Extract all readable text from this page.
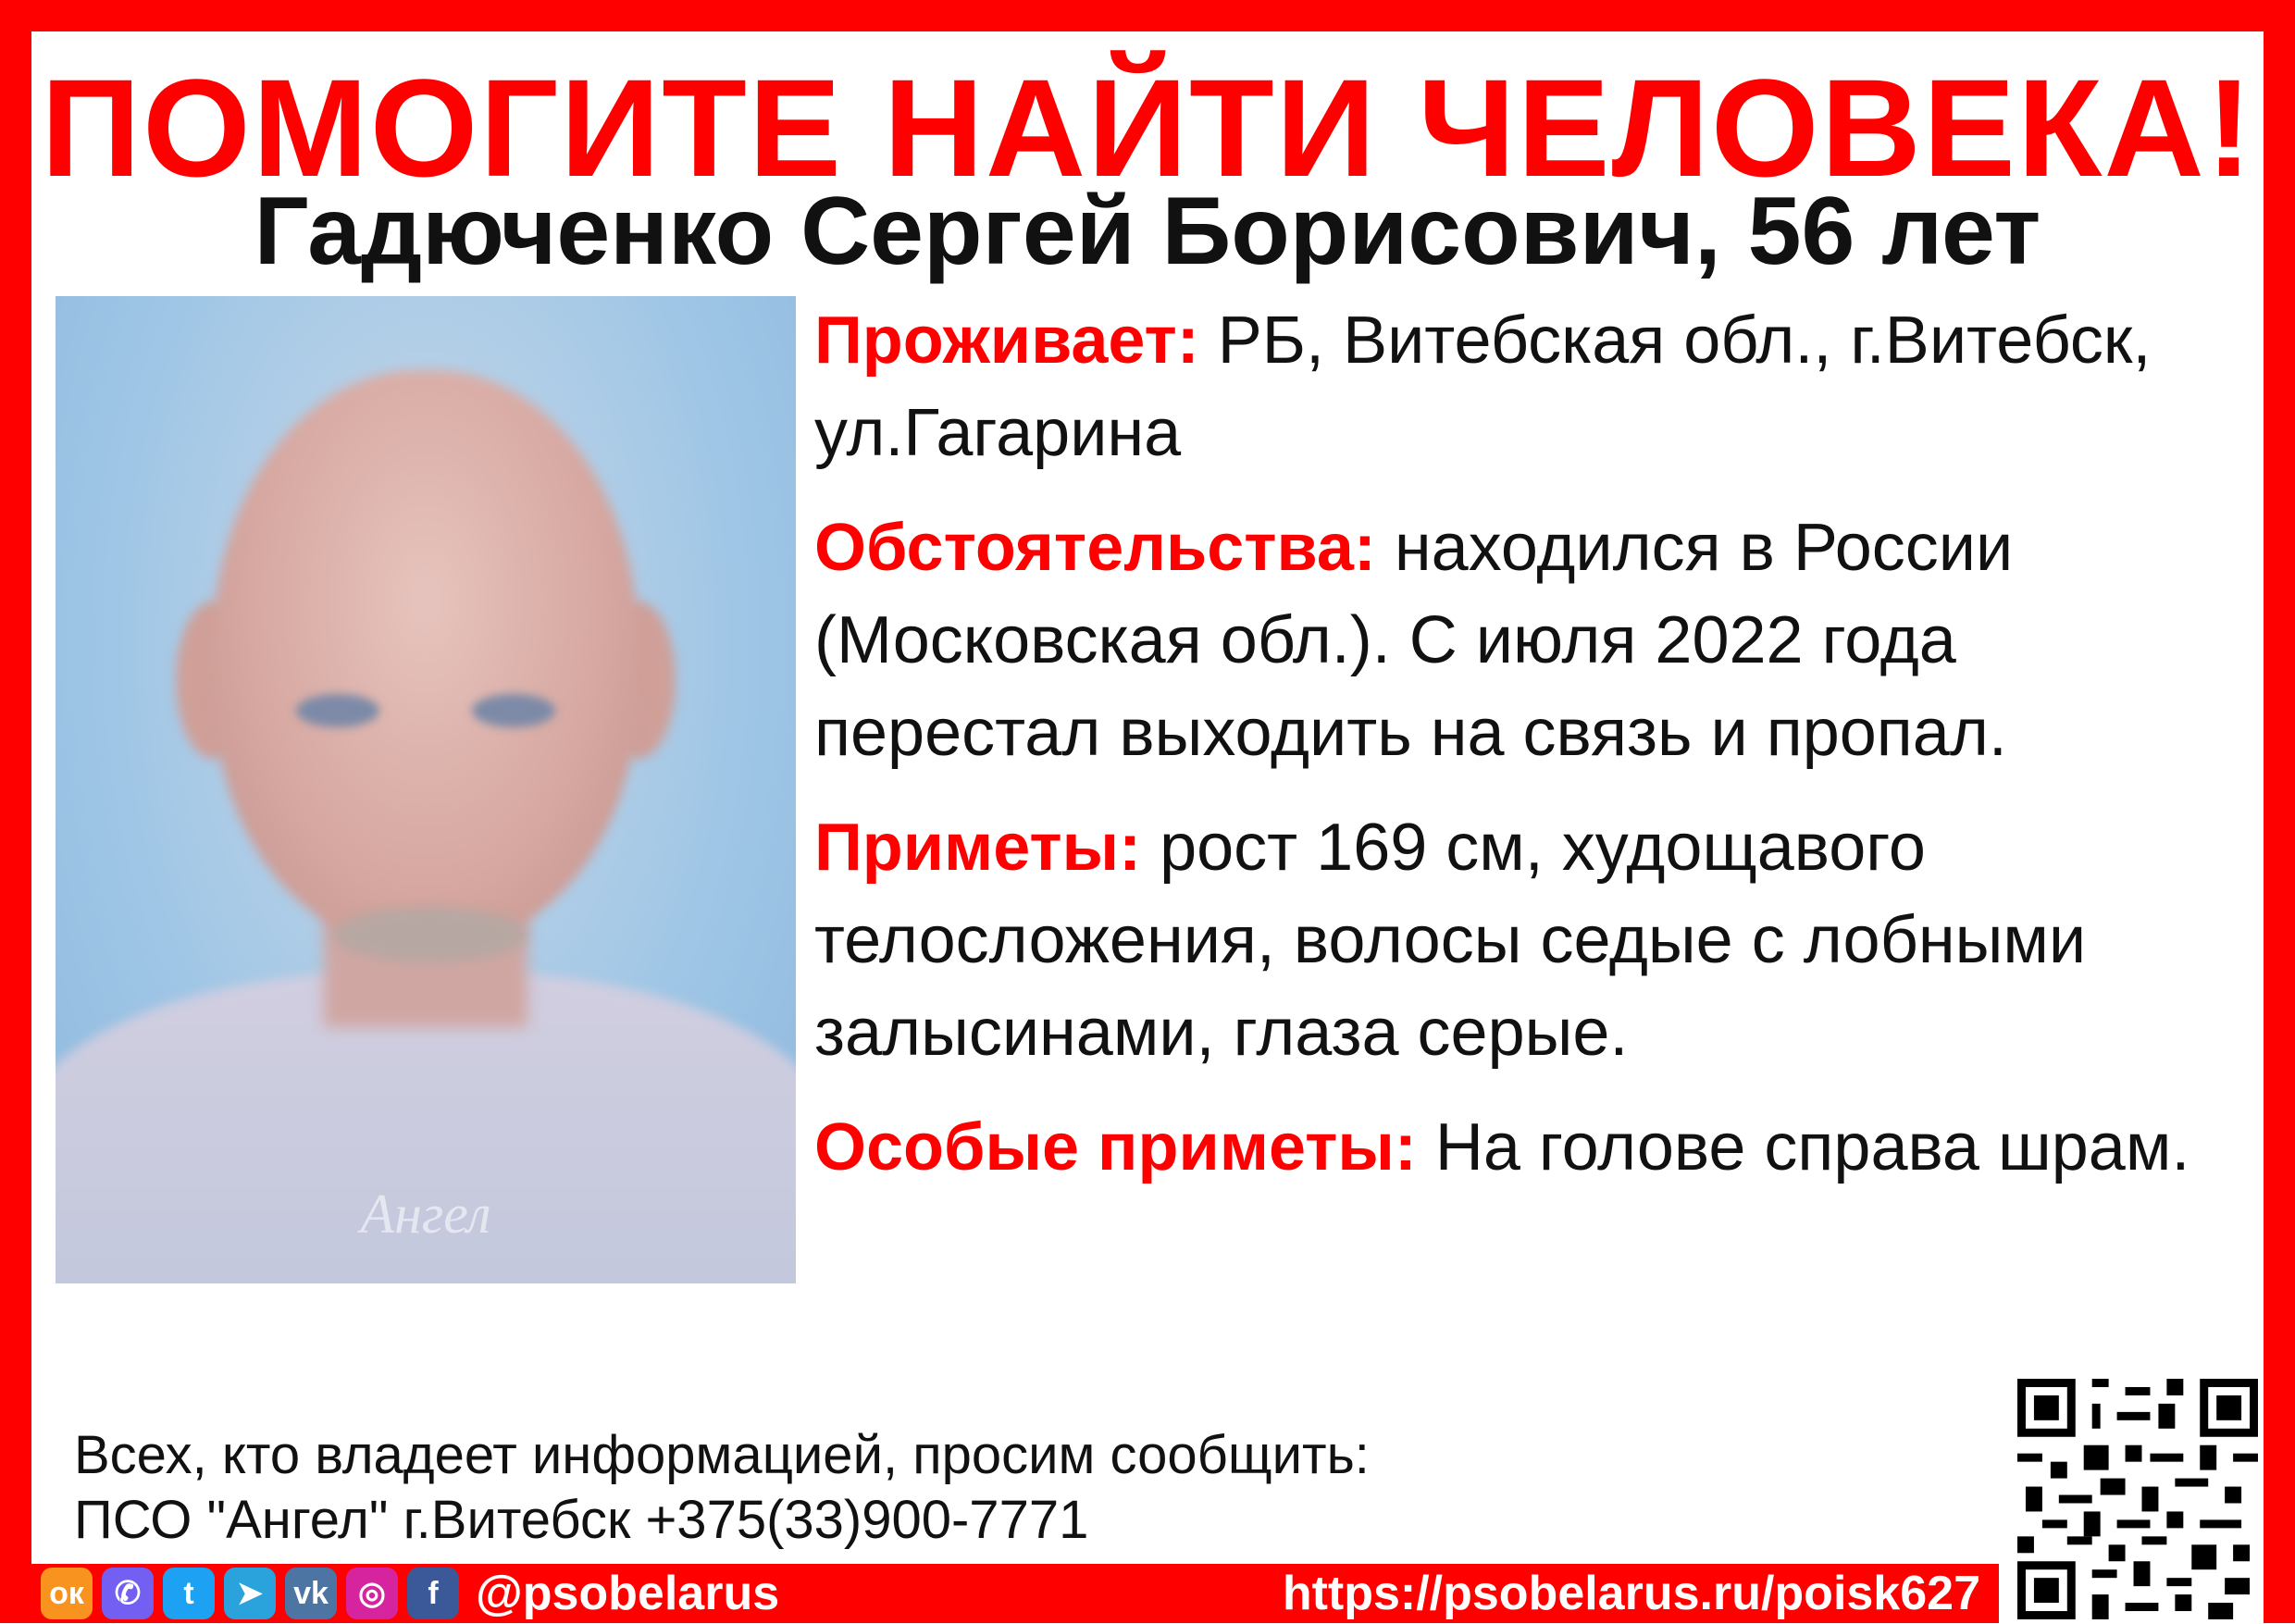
ПОМОГИТЕ НАЙТИ ЧЕЛОВЕКА!
Гадюченко Сергей Борисович, 56 лет
Ангел

Проживает: РБ, Витебская обл., г.Витебск, ул.Гагарина

Обстоятельства: находился в России (Московская обл.). С июля 2022 года перестал выходить на связь и пропал.

Приметы: рост 169 см, худощавого телосложения, волосы седые с лобными залысинами, глаза серые.

Особые приметы: На голове справа шрам.

Всех, кто владеет информацией, просим сообщить:
ПСО "Ангел" г.Витебск +375(33)900-7771
ок ✆	t	➤ vk ◎	f @psobelarus	https://psobelarus.ru/poisk627
